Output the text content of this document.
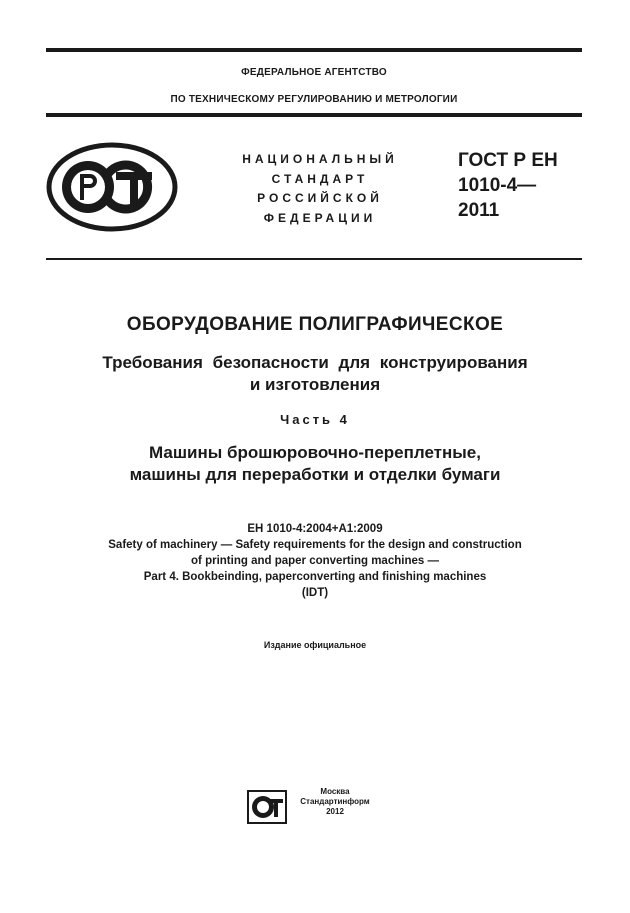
ФЕДЕРАЛЬНОЕ АГЕНТСТВО
ПО ТЕХНИЧЕСКОМУ РЕГУЛИРОВАНИЮ И МЕТРОЛОГИИ
НАЦИОНАЛЬНЫЙ
СТАНДАРТ
РОССИЙСКОЙ
ФЕДЕРАЦИИ
ГОСТ Р ЕН
1010-4—
2011
ОБОРУДОВАНИЕ ПОЛИГРАФИЧЕСКОЕ
Требования безопасности для конструирования
и изготовления
Часть 4
Машины брошюровочно-переплетные,
машины для переработки и отделки бумаги
EH 1010-4:2004+A1:2009
Safety of machinery — Safety requirements for the design and construction
of printing and paper converting machines —
Part 4. Bookbeinding, paperconverting and finishing machines
(IDT)
Издание официальное
Москва
Стандартинформ
2012
